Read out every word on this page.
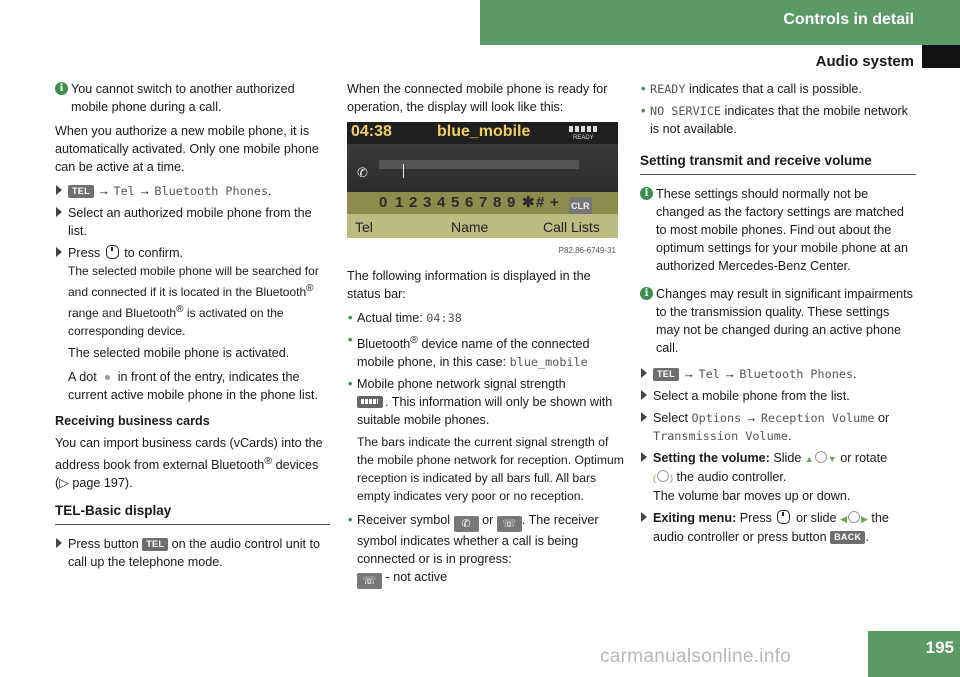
Controls in detail
Audio system

i You cannot switch to another authorized mobile phone during a call.

When you authorize a new mobile phone, it is automatically activated. Only one mobile phone can be active at a time.

TEL → Tel → Bluetooth Phones.
Select an authorized mobile phone from the list.
Press to confirm.
The selected mobile phone will be searched for and connected if it is located in the Bluetooth® range and Bluetooth® is activated on the corresponding device.

The selected mobile phone is activated.

A dot in front of the entry, indicates the current active mobile phone in the phone list.

Receiving business cards

You can import business cards (vCards) into the address book from external Bluetooth® devices (▷ page 197).

TEL-Basic display
Press button TEL on the audio control unit to call up the telephone mode.

When the connected mobile phone is ready for operation, the display will look like this:

04:38	blue_mobile	READY
✆
0 1 2 3 4 5 6 7 8 9 ✱ # + CLR
Tel	Name	Call Lists
P82.86-6749-31

The following information is displayed in the status bar:

• Actual time: 04:38
• Bluetooth® device name of the connected mobile phone, in this case: blue_mobile
• Mobile phone network signal strength
. This information will only be shown with suitable mobile phones.

The bars indicate the current signal strength of the mobile phone network for reception. Optimum reception is indicated by all bars full. All bars empty indicates very poor or no reception.

• Receiver symbol ✆ or ☏ . The receiver symbol indicates whether a call is being connected or is in progress:
☏ - not active
• READY indicates that a call is possible.
• NO SERVICE indicates that the mobile network is not available.
Setting transmit and receive volume

i These settings should normally not be changed as the factory settings are matched to most mobile phones. Find out about the optimum settings for your mobile phone at an authorized Mercedes-Benz Center.

i Changes may result in significant impairments to the transmission quality. These settings may not be changed during an active phone call.

TEL → Tel → Bluetooth Phones.
Select a mobile phone from the list.
Select Options → Reception Volume or Transmission Volume.
Setting the volume: Slide ▲ ▼ or rotate
( ) the audio controller.
The volume bar moves up or down.
Exiting menu: Press or slide ◀ ▶ the audio controller or press button BACK .
195
carmanualsonline.info
